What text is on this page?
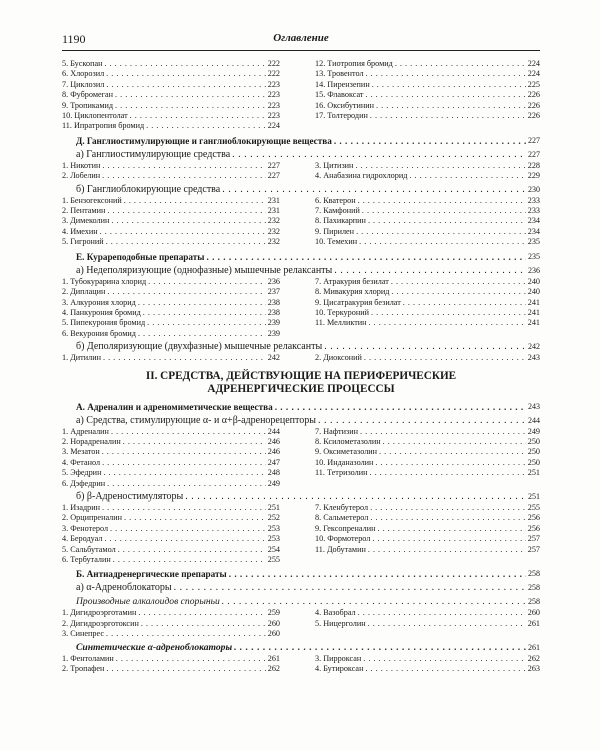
1190	Оглавление
5. Бускопан . . .	222
6. Хлорозил . . .	222
7. Циклозил . . .	223
8. Фубромеган . . .	223
9. Тропикамид . . .	223
10. Циклопентолат . . .	223
11. Ипратропия бромид . . .	224
12. Тиотропия бромид . . .	224
13. Тровентол . . .	224
14. Пирензепин . . .	225
15. Флавоксат . . .	226
16. Оксибутинин . . .	226
17. Толтеродин . . .	226
Д. Ганглиостимулирующие и ганглиоблокирующие вещества . . .	227
а) Ганглиостимулирующие средства . . .	227
1. Никотин . . .	227
2. Лобелин . . .	227
3. Цитизин . . .	228
4. Анабазина гидрохлорид . . .	229
б) Ганглиоблокирующие средства . . .	230
1. Бензогексоний . . .	231
2. Пентамин . . .	231
3. Димеколин . . .	232
4. Имехин . . .	232
5. Гигроний . . .	232
6. Кватерон . . .	233
7. Камфоний . . .	233
8. Пахикарпин . . .	234
9. Пирилен . . .	234
10. Темехин . . .	235
Е. Курареподобные препараты . . .	235
а) Недеполяризующие (однофазные) мышечные релаксанты . . .	236
1. Тубокурарина хлорид . . .	236
2. Диплацин . . .	237
3. Алкурония хлорид . . .	238
4. Панкурония бромид . . .	238
5. Пипекурония бромид . . .	239
6. Векурония бромид . . .	239
7. Атракурия безилат . . .	240
8. Мивакурия хлорид . . .	240
9. Цисатракурия безилат . . .	241
10. Теркуроний . . .	241
11. Мелликтин . . .	241
б) Деполяризующие (двухфазные) мышечные релаксанты . . .	242
1. Дитилин . . .	242	2. Диоксоний . . .	243
II. СРЕДСТВА, ДЕЙСТВУЮЩИЕ НА ПЕРИФЕРИЧЕСКИЕ
АДРЕНЕРГИЧЕСКИЕ ПРОЦЕССЫ
А. Адреналин и адреномиметические вещества . . .	243
а) Средства, стимулирующие α- и α+β-адренорецепторы . . .	244
1. Адреналин . . .	244
2. Норадреналин . . .	246
3. Мезатон . . .	246
4. Фетанол . . .	247
5. Эфедрин . . .	248
6. Дэфедрин . . .	249
7. Нафтизин . . .	249
8. Ксилометазолин . . .	250
9. Оксиметазолин . . .	250
10. Инданазолин . . .	250
11. Тетризолин . . .	251
б) β-Адреностимуляторы . . .	251
1. Изадрин . . .	251
2. Орципреналин . . .	252
3. Фенотерол . . .	253
4. Беродуал . . .	253
5. Сальбутамол . . .	254
6. Тербуталин . . .	255
7. Кленбутерол . . .	255
8. Сальметерол . . .	256
9. Гексопреналин . . .	256
10. Формотерол . . .	257
11. Добутамин . . .	257
Б. Антиадренергические препараты . . .	258
а) α-Адреноблокаторы . . .	258
Производные алкалоидов спорыньи . . .	258
1. Дигидроэрготамин . . .	259
2. Дигидроэрготоксин . . .	260
3. Синепрес . . .	260
4. Вазобрал . . .	260
5. Ницерголин . . .	261
Синтетические α-адреноблокаторы . . .	261
1. Фентоламин . . .	261
2. Тропафен . . .	262
3. Пирроксан . . .	262
4. Бутироксан . . .	263
